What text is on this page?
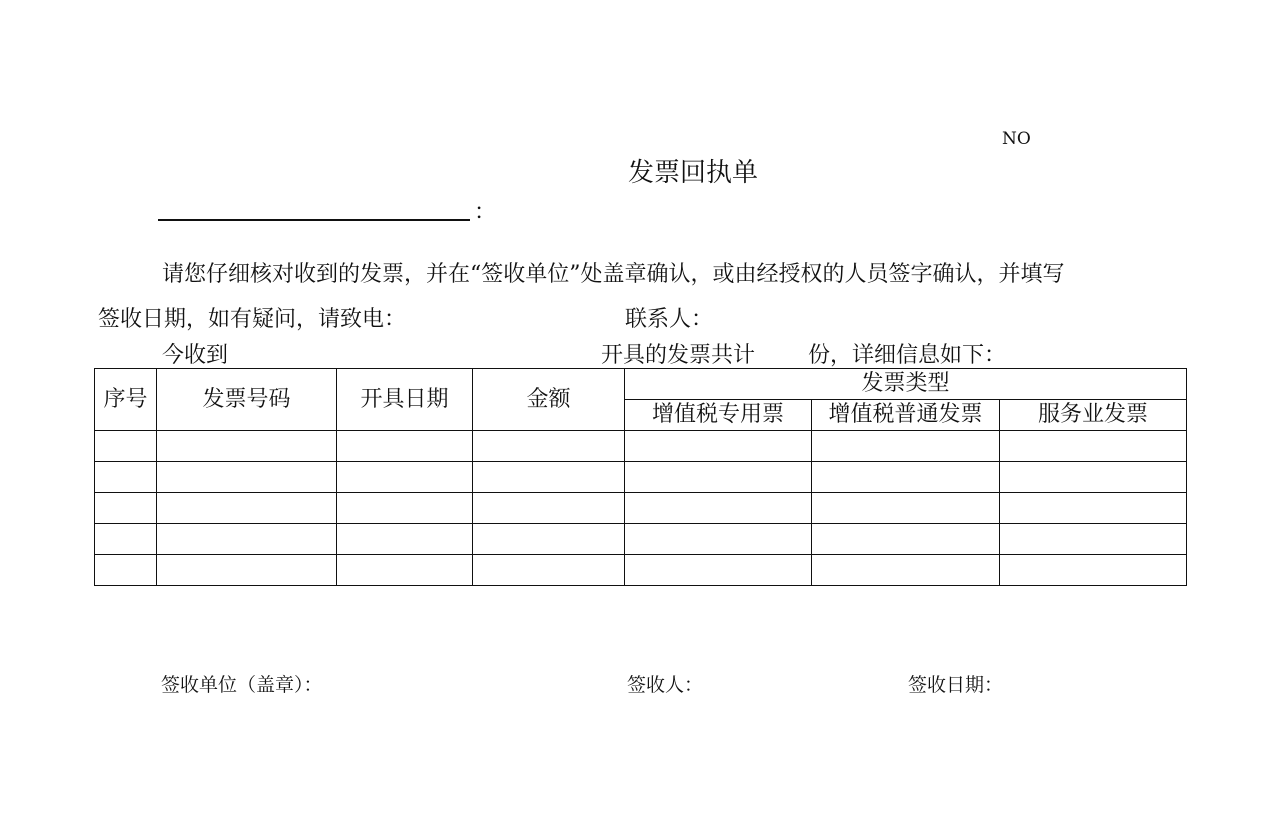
NO
发票回执单
：
请您仔细核对收到的发票，并在“签收单位”处盖章确认，或由经授权的人员签字确认，并填写
签收日期，如有疑问，请致电：	联系人：
今收到	开具的发票共计 份，详细信息如下：
序号	发票号码	开具日期	金额	发票类型		
				增值税专用票	增值税普通发票	服务业发票

签收单位（盖章）：	签收人：	签收日期：
